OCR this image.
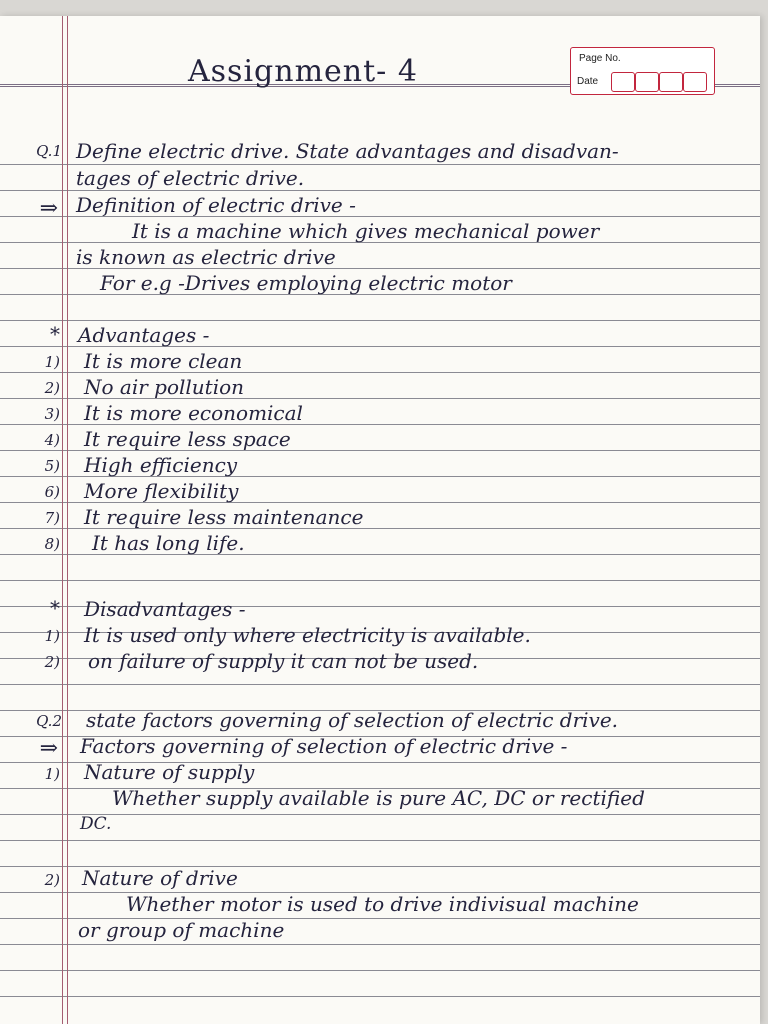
Page No.
Date
Assignment- 4
Q.1 Define electric drive. State advantages and disadvan-
tages of electric drive.
⇒ Definition of electric drive -
It is a machine which gives mechanical power
is known as electric drive
For e.g -Drives employing electric motor
* Advantages -
1) It is more clean
2) No air pollution
3) It is more economical
4) It require less space
5) High efficiency
6) More flexibility
7) It require less maintenance
8) It has long life.
* Disadvantages -
1) It is used only where electricity is available.
2) on failure of supply it can not be used.
Q.2 state factors governing of selection of electric drive.
⇒ Factors governing of selection of electric drive -
1) Nature of supply
Whether supply available is pure AC, DC or rectified
DC.
2) Nature of drive
Whether motor is used to drive indivisual machine
or group of machine
